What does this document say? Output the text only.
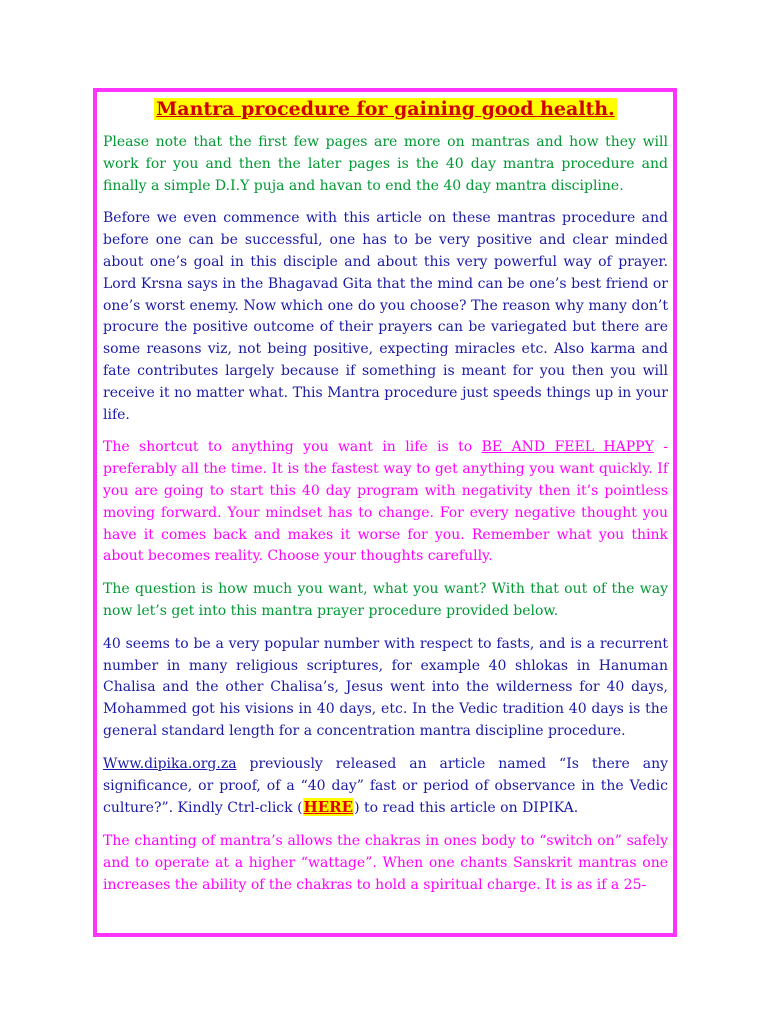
Mantra procedure for gaining good health.

Please note that the first few pages are more on mantras and how they will work for you and then the later pages is the 40 day mantra procedure and finally a simple D.I.Y puja and havan to end the 40 day mantra discipline.

Before we even commence with this article on these mantras procedure and before one can be successful, one has to be very positive and clear minded about one’s goal in this disciple and about this very powerful way of prayer. Lord Krsna says in the Bhagavad Gita that the mind can be one’s best friend or one’s worst enemy. Now which one do you choose? The reason why many don’t procure the positive outcome of their prayers can be variegated but there are some reasons viz, not being positive, expecting miracles etc. Also karma and fate contributes largely because if something is meant for you then you will receive it no matter what. This Mantra procedure just speeds things up in your life.

The shortcut to anything you want in life is to BE AND FEEL HAPPY - preferably all the time. It is the fastest way to get anything you want quickly. If you are going to start this 40 day program with negativity then it’s pointless moving forward. Your mindset has to change. For every negative thought you have it comes back and makes it worse for you. Remember what you think about becomes reality. Choose your thoughts carefully.

The question is how much you want, what you want? With that out of the way now let’s get into this mantra prayer procedure provided below.

40 seems to be a very popular number with respect to fasts, and is a recurrent number in many religious scriptures, for example 40 shlokas in Hanuman Chalisa and the other Chalisa’s, Jesus went into the wilderness for 40 days, Mohammed got his visions in 40 days, etc. In the Vedic tradition 40 days is the general standard length for a concentration mantra discipline procedure.

Www.dipika.org.za previously released an article named “Is there any significance, or proof, of a “40 day” fast or period of observance in the Vedic culture?”. Kindly Ctrl-click (HERE) to read this article on DIPIKA.

The chanting of mantra’s allows the chakras in ones body to “switch on” safely and to operate at a higher “wattage”. When one chants Sanskrit mantras one increases the ability of the chakras to hold a spiritual charge. It is as if a 25-
